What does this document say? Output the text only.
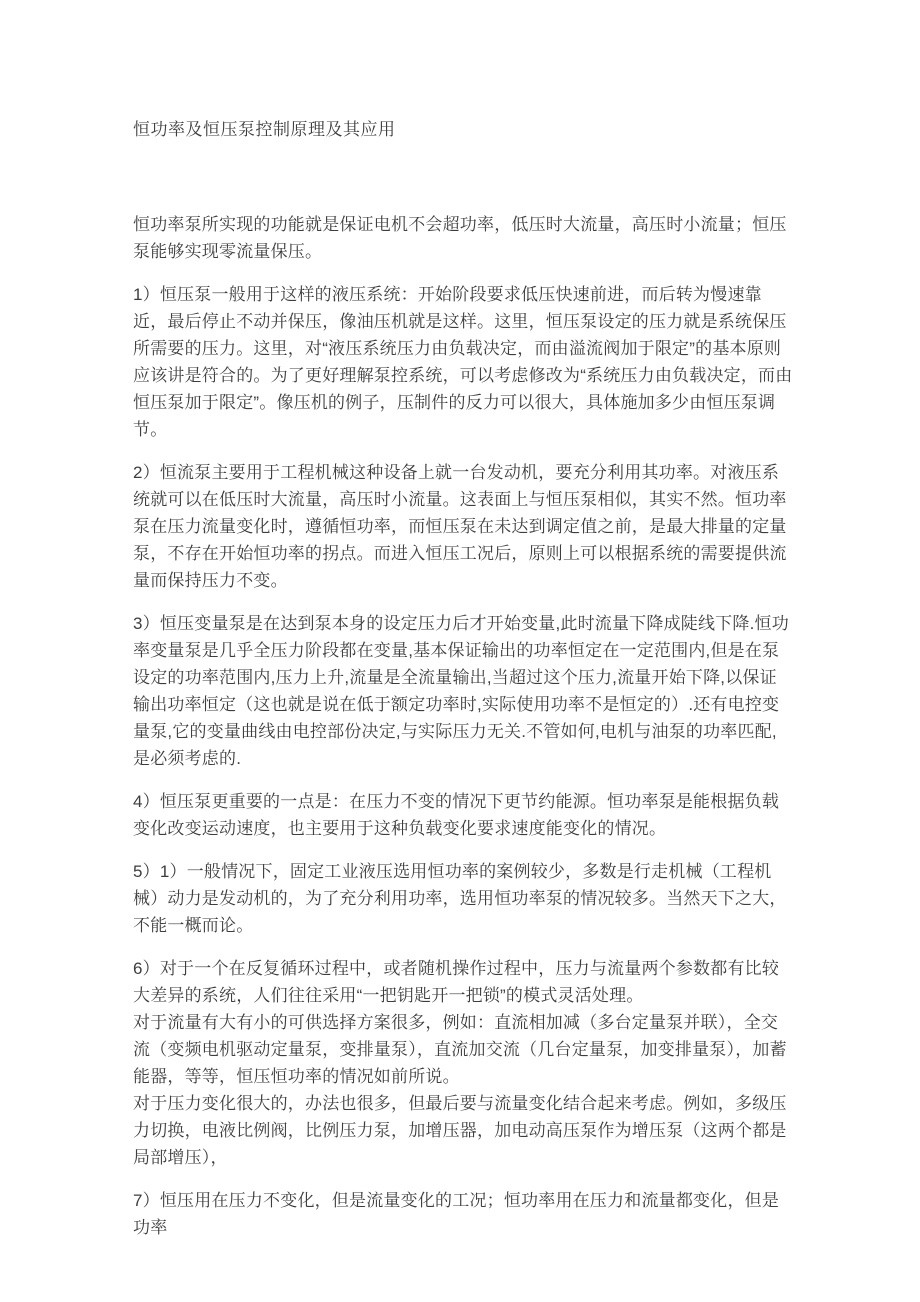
恒功率及恒压泵控制原理及其应用

恒功率泵所实现的功能就是保证电机不会超功率，低压时大流量，高压时小流量；恒压泵能够实现零流量保压。

1）恒压泵一般用于这样的液压系统：开始阶段要求低压快速前进，而后转为慢速靠近，最后停止不动并保压，像油压机就是这样。这里，恒压泵设定的压力就是系统保压所需要的压力。这里，对“液压系统压力由负载决定，而由溢流阀加于限定”的基本原则应该讲是符合的。为了更好理解泵控系统，可以考虑修改为“系统压力由负载决定，而由恒压泵加于限定”。像压机的例子，压制件的反力可以很大，具体施加多少由恒压泵调节。

2）恒流泵主要用于工程机械这种设备上就一台发动机，要充分利用其功率。对液压系统就可以在低压时大流量，高压时小流量。这表面上与恒压泵相似，其实不然。恒功率泵在压力流量变化时，遵循恒功率，而恒压泵在未达到调定值之前，是最大排量的定量泵，不存在开始恒功率的拐点。而进入恒压工况后，原则上可以根据系统的需要提供流量而保持压力不变。

3）恒压变量泵是在达到泵本身的设定压力后才开始变量,此时流量下降成陡线下降.恒功率变量泵是几乎全压力阶段都在变量,基本保证输出的功率恒定在一定范围内,但是在泵设定的功率范围内,压力上升,流量是全流量输出,当超过这个压力,流量开始下降,以保证输出功率恒定（这也就是说在低于额定功率时,实际使用功率不是恒定的）.还有电控变量泵,它的变量曲线由电控部份决定,与实际压力无关.不管如何,电机与油泵的功率匹配,是必须考虑的.

4）恒压泵更重要的一点是：在压力不变的情况下更节约能源。恒功率泵是能根据负载变化改变运动速度，也主要用于这种负载变化要求速度能变化的情况。

5）1）一般情况下，固定工业液压选用恒功率的案例较少，多数是行走机械（工程机械）动力是发动机的，为了充分利用功率，选用恒功率泵的情况较多。当然天下之大，不能一概而论。

6）对于一个在反复循环过程中，或者随机操作过程中，压力与流量两个参数都有比较大差异的系统，人们往往采用“一把钥匙开一把锁”的模式灵活处理。

对于流量有大有小的可供选择方案很多，例如：直流相加减（多台定量泵并联），全交流（变频电机驱动定量泵，变排量泵），直流加交流（几台定量泵，加变排量泵），加蓄能器，等等，恒压恒功率的情况如前所说。

对于压力变化很大的，办法也很多，但最后要与流量变化结合起来考虑。例如，多级压力切换，电液比例阀，比例压力泵，加增压器，加电动高压泵作为增压泵（这两个都是局部增压），

7）恒压用在压力不变化，但是流量变化的工况；恒功率用在压力和流量都变化，但是功率
